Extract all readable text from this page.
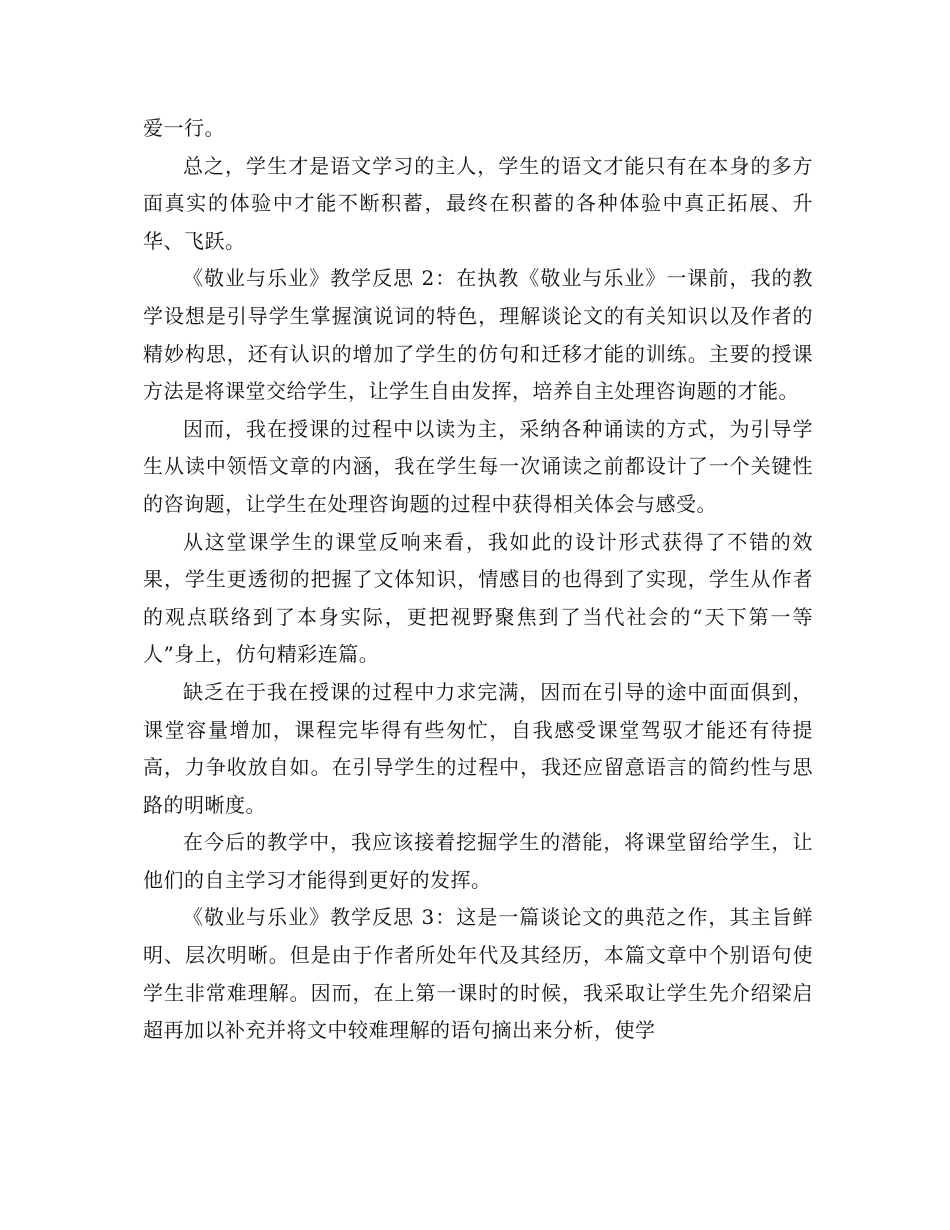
爱一行。

总之，学生才是语文学习的主人，学生的语文才能只有在本身的多方面真实的体验中才能不断积蓄，最终在积蓄的各种体验中真正拓展、升华、飞跃。

《敬业与乐业》教学反思 2：在执教《敬业与乐业》一课前，我的教学设想是引导学生掌握演说词的特色，理解谈论文的有关知识以及作者的精妙构思，还有认识的增加了学生的仿句和迁移才能的训练。主要的授课方法是将课堂交给学生，让学生自由发挥，培养自主处理咨询题的才能。

因而，我在授课的过程中以读为主，采纳各种诵读的方式，为引导学生从读中领悟文章的内涵，我在学生每一次诵读之前都设计了一个关键性的咨询题，让学生在处理咨询题的过程中获得相关体会与感受。

从这堂课学生的课堂反响来看，我如此的设计形式获得了不错的效果，学生更透彻的把握了文体知识，情感目的也得到了实现，学生从作者的观点联络到了本身实际，更把视野聚焦到了当代社会的“天下第一等人”身上，仿句精彩连篇。

缺乏在于我在授课的过程中力求完满，因而在引导的途中面面俱到，课堂容量增加，课程完毕得有些匆忙，自我感受课堂驾驭才能还有待提高，力争收放自如。在引导学生的过程中，我还应留意语言的简约性与思路的明晰度。

在今后的教学中，我应该接着挖掘学生的潜能，将课堂留给学生，让他们的自主学习才能得到更好的发挥。

《敬业与乐业》教学反思 3：这是一篇谈论文的典范之作，其主旨鲜明、层次明晰。但是由于作者所处年代及其经历，本篇文章中个别语句使学生非常难理解。因而，在上第一课时的时候，我采取让学生先介绍梁启超再加以补充并将文中较难理解的语句摘出来分析，使学
